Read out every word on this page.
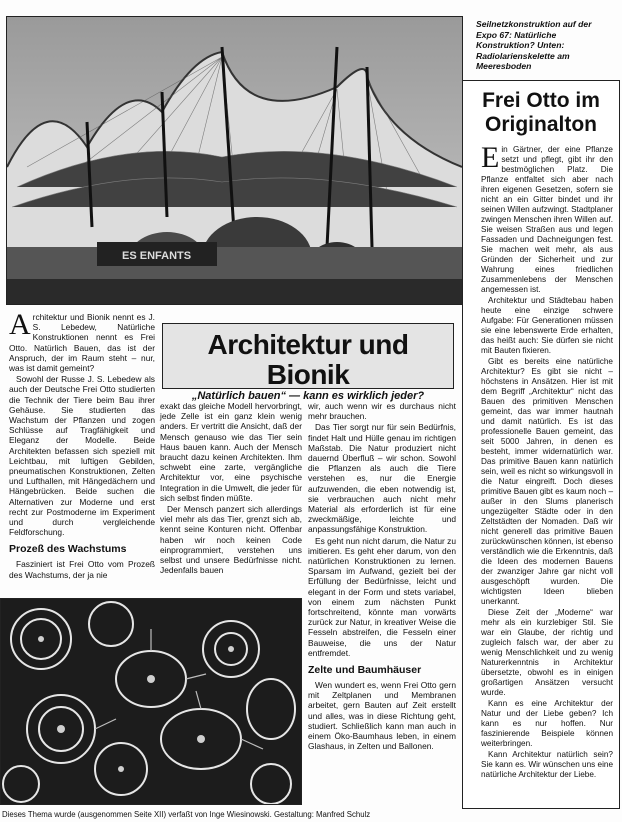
ES ENFANTS
Seilnetzkonstruktion auf der Expo 67: Natürliche Konstruktion? Unten: Radiolarienskelette am Meeresboden
Frei Otto im Originalton

Ein Gärtner, der eine Pflanze setzt und pflegt, gibt ihr den bestmöglichen Platz. Die Pflanze entfaltet sich aber nach ihren eigenen Gesetzen, sofern sie nicht an ein Gitter bindet und ihr seinen Willen aufzwingt. Stadtplaner zwingen Menschen ihren Willen auf. Sie weisen Straßen aus und legen Fassaden und Dachneigungen fest. Sie machen weit mehr, als aus Gründen der Sicherheit und zur Wahrung eines friedlichen Zusammenlebens der Menschen angemessen ist.

Architektur und Städtebau haben heute eine einzige schwere Aufgabe: Für Generationen müssen sie eine lebenswerte Erde erhalten, das heißt auch: Sie dürfen sie nicht mit Bauten fixieren.

Gibt es bereits eine natürliche Architektur? Es gibt sie nicht – höchstens in Ansätzen. Hier ist mit dem Begriff „Architektur“ nicht das Bauen des primitiven Menschen gemeint, das war immer hautnah und damit natürlich. Es ist das professionelle Bauen gemeint, das seit 5000 Jahren, in denen es besteht, immer widernatürlich war. Das primitive Bauen kann natürlich sein, weil es nicht so wirkungsvoll in die Natur eingreift. Doch dieses primitive Bauen gibt es kaum noch – außer in den Slums planerisch ungezügelter Städte oder in den Zeltstädten der Nomaden. Daß wir nicht generell das primitive Bauen zurückwünschen können, ist ebenso verständlich wie die Erkenntnis, daß die Ideen des modernen Bauens der zwanziger Jahre gar nicht voll ausgeschöpft wurden. Die wichtigsten Ideen blieben unerkannt.

Diese Zeit der „Moderne“ war mehr als ein kurzlebiger Stil. Sie war ein Glaube, der richtig und zugleich falsch war, der aber zu wenig Menschlichkeit und zu wenig Naturerkenntnis in Architektur übersetzte, obwohl es in einigen großartigen Ansätzen versucht wurde.

Kann es eine Architektur der Natur und der Liebe geben? Ich kann es nur hoffen. Nur faszinierende Beispiele können weiterbringen.

Kann Architektur natürlich sein? Sie kann es. Wir wünschen uns eine natürliche Architektur der Liebe.

Architektur und Bionik nennt es J. S. Lebedew, Natürliche Konstruktionen nennt es Frei Otto. Natürlich Bauen, das ist der Anspruch, der im Raum steht – nur, was ist damit gemeint?

Sowohl der Russe J. S. Lebedew als auch der Deutsche Frei Otto studierten die Technik der Tiere beim Bau ihrer Gehäuse. Sie studierten das Wachstum der Pflanzen und zogen Schlüsse auf Tragfähigkeit und Eleganz der Modelle. Beide Architekten befassen sich speziell mit Leichtbau, mit luftigen Gebilden, pneumatischen Konstruktionen, Zelten und Lufthallen, mit Hängedächern und Hängebrücken. Beide suchen die Alternativen zur Moderne und erst recht zur Postmoderne im Experiment und durch vergleichende Feldforschung.

Prozeß des Wachstums

Fasziniert ist Frei Otto vom Prozeß des Wachstums, der ja nie

Architektur und Bionik
„Natürlich bauen“ — kann es wirklich jeder?

exakt das gleiche Modell hervorbringt, jede Zelle ist ein ganz klein wenig anders. Er vertritt die Ansicht, daß der Mensch genauso wie das Tier sein Haus bauen kann. Auch der Mensch braucht dazu keinen Architekten. Ihm schwebt eine zarte, vergängliche Architektur vor, eine psychische Integration in die Umwelt, die jeder für sich selbst finden müßte.

Der Mensch panzert sich allerdings viel mehr als das Tier, grenzt sich ab, kennt seine Konturen nicht. Offenbar haben wir noch keinen Code einprogrammiert, verstehen uns selbst und unsere Bedürfnisse nicht. Jedenfalls bauen

wir, auch wenn wir es durchaus nicht mehr brauchen.

Das Tier sorgt nur für sein Bedürfnis, findet Halt und Hülle genau im richtigen Maßstab. Die Natur produziert nicht dauernd Überfluß – wir schon. Sowohl die Pflanzen als auch die Tiere verstehen es, nur die Energie aufzuwenden, die eben notwendig ist, sie verbrauchen auch nicht mehr Material als erforderlich ist für eine zweckmäßige, leichte und anpassungsfähige Konstruktion.

Es geht nun nicht darum, die Natur zu imitieren. Es geht eher darum, von den natürlichen Konstruktionen zu lernen. Sparsam im Aufwand, gezielt bei der Erfüllung der Bedürfnisse, leicht und elegant in der Form und stets variabel, von einem zum nächsten Punkt fortschreitend, könnte man vorwärts zurück zur Natur, in kreativer Weise die Fesseln abstreifen, die Fesseln einer Bauweise, die uns der Natur entfremdet.

Zelte und Baumhäuser

Wen wundert es, wenn Frei Otto gern mit Zeltplanen und Membranen arbeitet, gern Bauten auf Zeit erstellt und alles, was in diese Richtung geht, studiert. Schließlich kann man auch in einem Öko-Baumhaus leben, in einem Glashaus, in Zelten und Ballonen.

Dieses Thema wurde (ausgenommen Seite XII) verfaßt von Inge Wiesinowski. Gestaltung: Manfred Schulz
